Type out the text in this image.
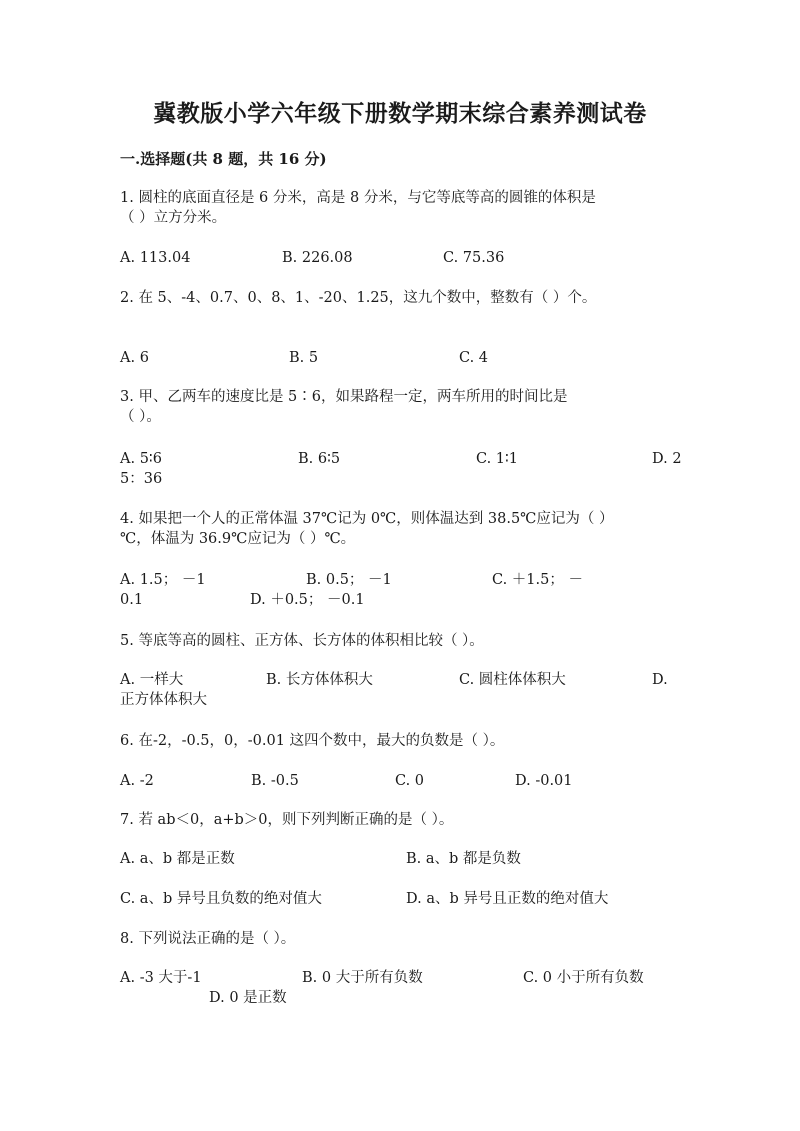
冀教版小学六年级下册数学期末综合素养测试卷
一.选择题(共 8 题，共 16 分)
1. 圆柱的底面直径是 6 分米，高是 8 分米，与它等底等高的圆锥的体积是
（ ）立方分米。
A. 113.04	B. 226.08	C. 75.36
2. 在 5、-4、0.7、0、8、1、-20、1.25，这九个数中，整数有（ ）个。
A. 6	B. 5	C. 4
3. 甲、乙两车的速度比是 5∶6，如果路程一定，两车所用的时间比是
（ ）。
A. 5∶6	B. 6∶5	C. 1∶1	D. 2
5：36
4. 如果把一个人的正常体温 37℃记为 0℃，则体温达到 38.5℃应记为（ ）
℃，体温为 36.9℃应记为（ ）℃。
A. 1.5； －1	B. 0.5； －1	C. ＋1.5； －
0.1	D. ＋0.5； －0.1
5. 等底等高的圆柱、正方体、长方体的体积相比较（ ）。
A. 一样大	B. 长方体体积大	C. 圆柱体体积大	D.
正方体体积大
6. 在-2，-0.5，0，-0.01 这四个数中，最大的负数是（ ）。
A. -2	B. -0.5	C. 0	D. -0.01
7. 若 ab＜0，a+b＞0，则下列判断正确的是（ ）。
A. a、b 都是正数	B. a、b 都是负数
C. a、b 异号且负数的绝对值大	D. a、b 异号且正数的绝对值大
8. 下列说法正确的是（ ）。
A. -3 大于-1	B. 0 大于所有负数	C. 0 小于所有负数
D. 0 是正数
